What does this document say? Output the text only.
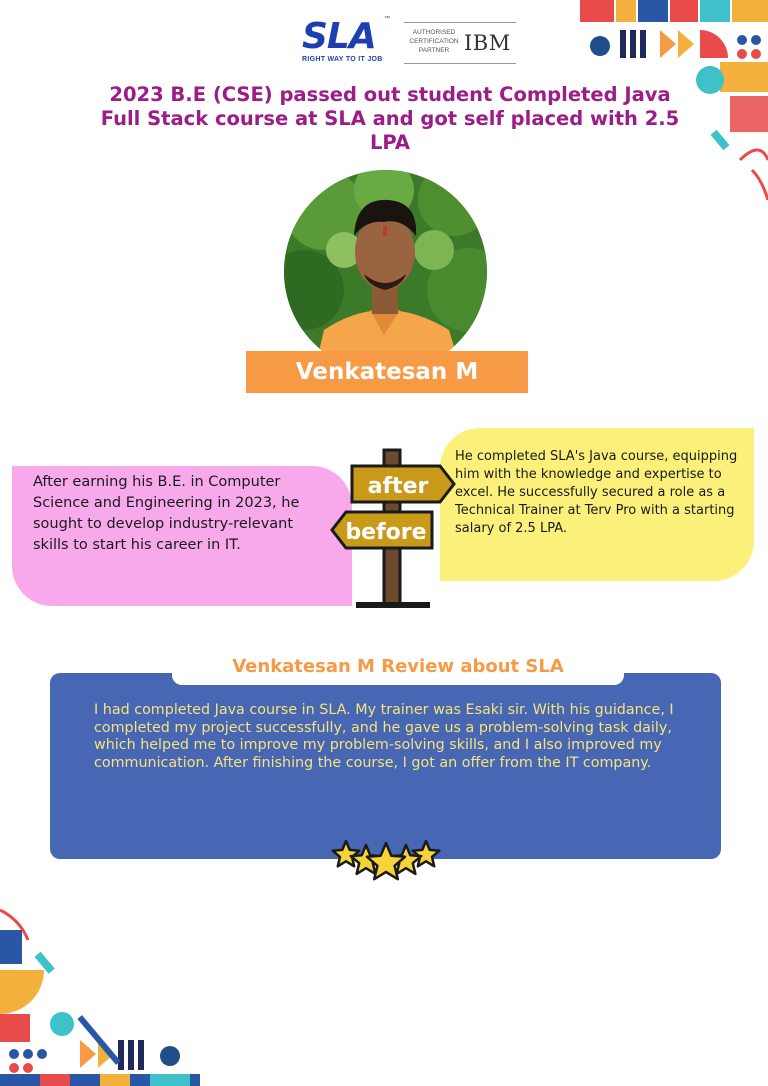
SLA ™
RIGHT WAY TO IT JOB
AUTHORISED CERTIFICATION PARTNER IBM
2023 B.E (CSE) passed out student Completed Java Full Stack course at SLA and got self placed with 2.5 LPA
Venkatesan M
After earning his B.E. in Computer Science and Engineering in 2023, he sought to develop industry-relevant skills to start his career in IT.
He completed SLA's Java course, equipping him with the knowledge and expertise to excel. He successfully secured a role as a Technical Trainer at Terv Pro with a starting salary of 2.5 LPA.
after
before
Venkatesan M Review about SLA
I had completed Java course in SLA. My trainer was Esaki sir. With his guidance, I completed my project successfully, and he gave us a problem-solving task daily, which helped me to improve my problem-solving skills, and I also improved my communication. After finishing the course, I got an offer from the IT company.
